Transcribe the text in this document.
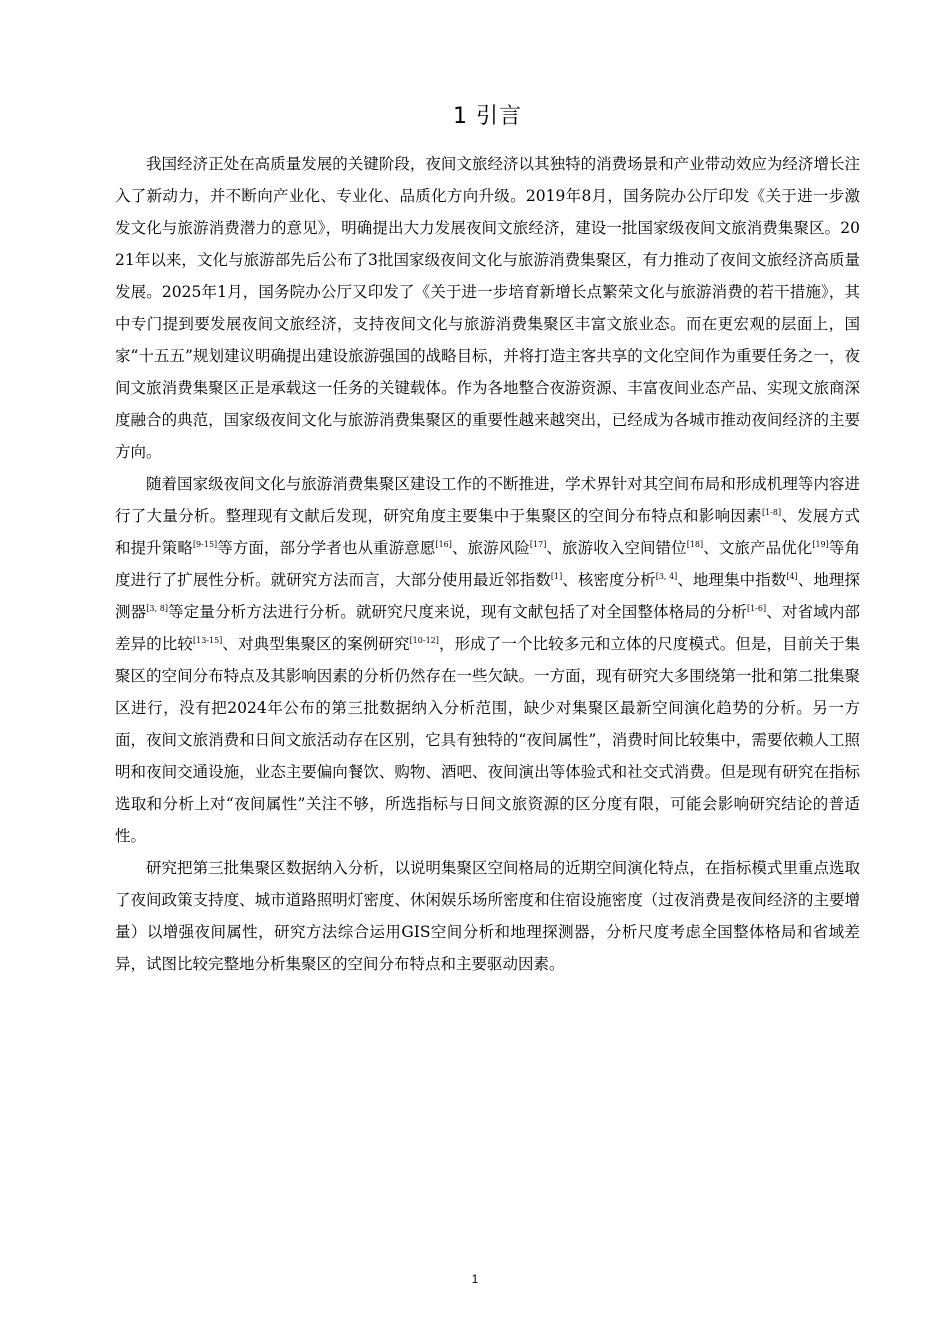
1 引言

我国经济正处在高质量发展的关键阶段，夜间文旅经济以其独特的消费场景和产业带动效应为经济增长注入了新动力，并不断向产业化、专业化、品质化方向升级。2019年8月，国务院办公厅印发《关于进一步激发文化与旅游消费潜力的意见》，明确提出大力发展夜间文旅经济，建设一批国家级夜间文旅消费集聚区。2021年以来，文化与旅游部先后公布了3批国家级夜间文化与旅游消费集聚区，有力推动了夜间文旅经济高质量发展。2025年1月，国务院办公厅又印发了《关于进一步培育新增长点繁荣文化与旅游消费的若干措施》，其中专门提到要发展夜间文旅经济，支持夜间文化与旅游消费集聚区丰富文旅业态。而在更宏观的层面上，国家“十五五”规划建议明确提出建设旅游强国的战略目标，并将打造主客共享的文化空间作为重要任务之一，夜间文旅消费集聚区正是承载这一任务的关键载体。作为各地整合夜游资源、丰富夜间业态产品、实现文旅商深度融合的典范，国家级夜间文化与旅游消费集聚区的重要性越来越突出，已经成为各城市推动夜间经济的主要方向。

随着国家级夜间文化与旅游消费集聚区建设工作的不断推进，学术界针对其空间布局和形成机理等内容进行了大量分析。整理现有文献后发现，研究角度主要集中于集聚区的空间分布特点和影响因素[1-8]、发展方式和提升策略[9-15]等方面，部分学者也从重游意愿[16]、旅游风险[17]、旅游收入空间错位[18]、文旅产品优化[19]等角度进行了扩展性分析。就研究方法而言，大部分使用最近邻指数[1]、核密度分析[3, 4]、地理集中指数[4]、地理探测器[3, 8]等定量分析方法进行分析。就研究尺度来说，现有文献包括了对全国整体格局的分析[1-6]、对省域内部差异的比较[13-15]、对典型集聚区的案例研究[10-12]，形成了一个比较多元和立体的尺度模式。但是，目前关于集聚区的空间分布特点及其影响因素的分析仍然存在一些欠缺。一方面，现有研究大多围绕第一批和第二批集聚区进行，没有把2024年公布的第三批数据纳入分析范围，缺少对集聚区最新空间演化趋势的分析。另一方面，夜间文旅消费和日间文旅活动存在区别，它具有独特的“夜间属性”，消费时间比较集中，需要依赖人工照明和夜间交通设施，业态主要偏向餐饮、购物、酒吧、夜间演出等体验式和社交式消费。但是现有研究在指标选取和分析上对“夜间属性”关注不够，所选指标与日间文旅资源的区分度有限，可能会影响研究结论的普适性。

研究把第三批集聚区数据纳入分析，以说明集聚区空间格局的近期空间演化特点，在指标模式里重点选取了夜间政策支持度、城市道路照明灯密度、休闲娱乐场所密度和住宿设施密度（过夜消费是夜间经济的主要增量）以增强夜间属性，研究方法综合运用GIS空间分析和地理探测器，分析尺度考虑全国整体格局和省域差异，试图比较完整地分析集聚区的空间分布特点和主要驱动因素。

1
